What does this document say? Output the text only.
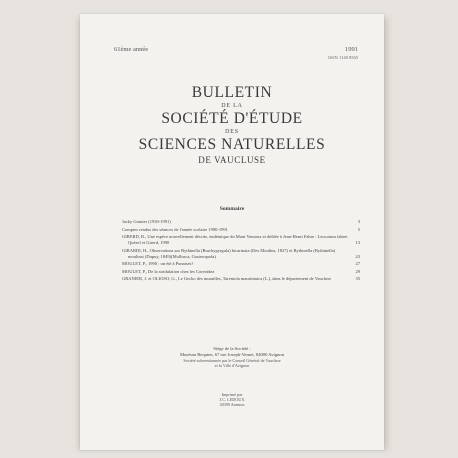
61ème année	1991
ISSN 1148 8565
BULLETIN
DE LA
SOCIÉTÉ D'ÉTUDE
DES
SCIENCES NATURELLES
DE VAUCLUSE
Sommaire
Jacky Granier (1930-1991)	3
Comptes rendus des séances de l'année scolaire 1990-1991	5
GIRERD, B., Une espèce nouvellement décrite, endémique du Mont Ventoux et dédiée à Jean-Henri Fabre : Leucoium fabrei Quézel et Girerd, 1990	13
GIRARDI, H., Observations sur Bythinella (Brachypyrgula) bicarinata (Des Moulins, 1827) et Bythinella (Bythinella) moulinsi (Dupuy, 1849)(Mollusca, Gasteropoda)	23
MOULET, P., 1990 : un été à Punaises?	27
MOULET, P., De la stridulation chez les Coreoidea	29
GRANIER, J. et OLIOSO, G., Le Gecko des murailles, Tarentola mauritanica (L.), dans le département de Vaucluse	35
Siège de la Société :
Muséum Requien, 67 rue Joseph-Vernet, 84000 Avignon
Société subventionnée par le Conseil Général de Vaucluse
et la Ville d'Avignon
Imprimé par
J.C. LEDOUX
30390 Aramon
